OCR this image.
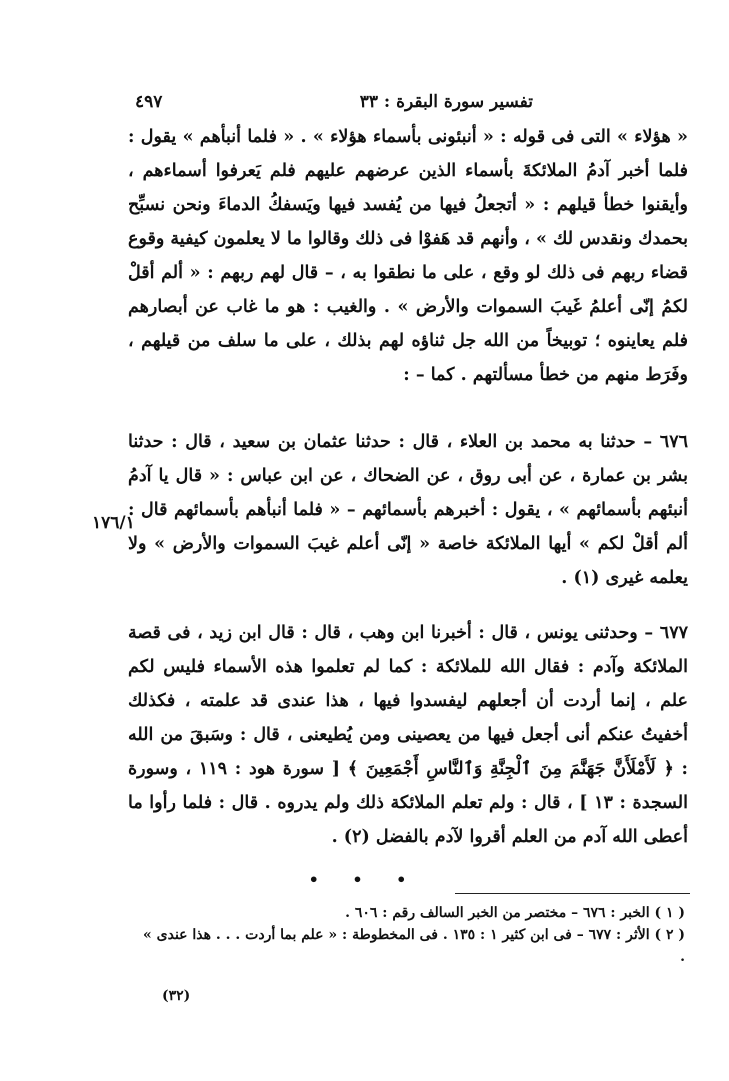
تفسير سورة البقرة : ٣٣
٤٩٧

« هؤلاء » التى فى قوله : « أنبئونى بأسماء هؤلاء » . « فلما أنبأهم » يقول : فلما أخبر آدمُ الملائكةَ بأسماء الذين عرضهم عليهم فلم يَعرفوا أسماءهم ، وأيقنوا خطأ قيلهم : « أتجعلُ فيها من يُفسد فيها ويَسفكُ الدماءَ ونحن نسبِّح بحمدك ونقدس لك » ، وأنهم قد هَفوْا فى ذلك وقالوا ما لا يعلمون كيفية وقوع قضاء ربهم فى ذلك لو وقع ، على ما نطقوا به ، – قال لهم ربهم : « ألم أقلْ لكمُ إنّى أعلمُ غَيبَ السموات والأرض » . والغيب : هو ما غاب عن أبصارهم فلم يعاينوه ؛ توبيخاً من الله جل ثناؤه لهم بذلك ، على ما سلف من قيلهم ، وفَرَط منهم من خطأ مسألتهم . كما – :

٦٧٦ – حدثنا به محمد بن العلاء ، قال : حدثنا عثمان بن سعيد ، قال : حدثنا بشر بن عمارة ، عن أبى روق ، عن الضحاك ، عن ابن عباس : « قال يا آدمُ أنبئهم بأسمائهم » ، يقول : أخبرهم بأسمائهم – « فلما أنبأهم بأسمائهم قال : ألم أقلْ لكم » أيها الملائكة خاصة « إنّى أعلم غيبَ السموات والأرض » ولا يعلمه غيرى (١) .

١٧٦/١

٦٧٧ – وحدثنى يونس ، قال : أخبرنا ابن وهب ، قال : قال ابن زيد ، فى قصة الملائكة وآدم : فقال الله للملائكة : كما لم تعلموا هذه الأسماء فليس لكم علم ، إنما أردت أن أجعلهم ليفسدوا فيها ، هذا عندى قد علمته ، فكذلك أخفيتُ عنكم أنى أجعل فيها من يعصينى ومن يُطيعنى ، قال : وسَبقَ من الله : ﴿ لَأَمْلَأَنَّ جَهَنَّمَ مِنَ ٱلْجِنَّةِ وَٱلنَّاسِ أَجْمَعِينَ ﴾ [ سورة هود : ١١٩ ، وسورة السجدة : ١٣ ] ، قال : ولم تعلم الملائكة ذلك ولم يدروه . قال : فلما رأوا ما أعطى الله آدم من العلم أقروا لآدم بالفضل (٢) .

• • •

( ١ ) الخبر : ٦٧٦ – مختصر من الخبر السالف رقم : ٦٠٦ .

( ٢ ) الأثر : ٦٧٧ – فى ابن كثير ١ : ١٣٥ . فى المخطوطة : « علم بما أردت . . . هذا عندى » .

(٣٢)
